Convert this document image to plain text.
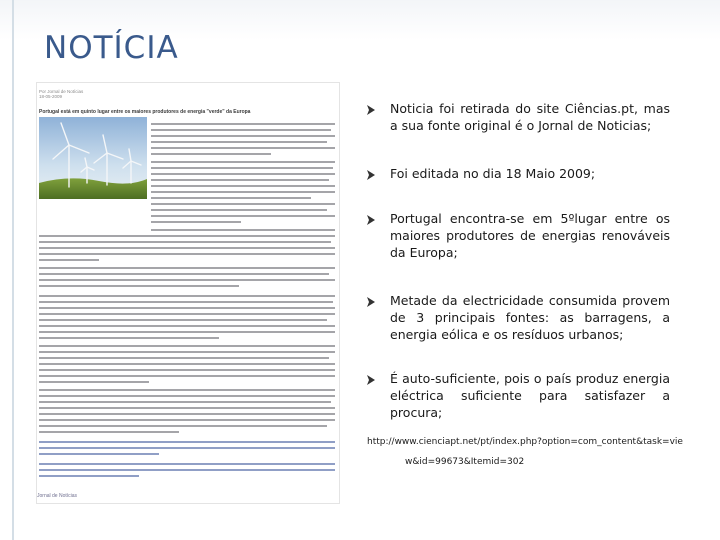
NOTÍCIA
Por Jornal de Notícias
18-05-2009
Portugal está em quinto lugar entre os maiores produtores de energia "verde" da Europa
Jornal de Notícias
Noticia foi retirada do site Ciências.pt, mas a sua fonte original é o Jornal de Noticias;
Foi editada no dia 18 Maio 2009;
Portugal encontra-se em 5ºlugar entre os maiores produtores de energias renováveis da Europa;
Metade da electricidade consumida provem de 3 principais fontes: as barragens, a energia eólica e os resíduos urbanos;
É auto-suficiente, pois o país produz energia eléctrica suficiente para satisfazer a procura;
http://www.cienciapt.net/pt/index.php?option=com_content&task=vie
w&id=99673&Itemid=302
